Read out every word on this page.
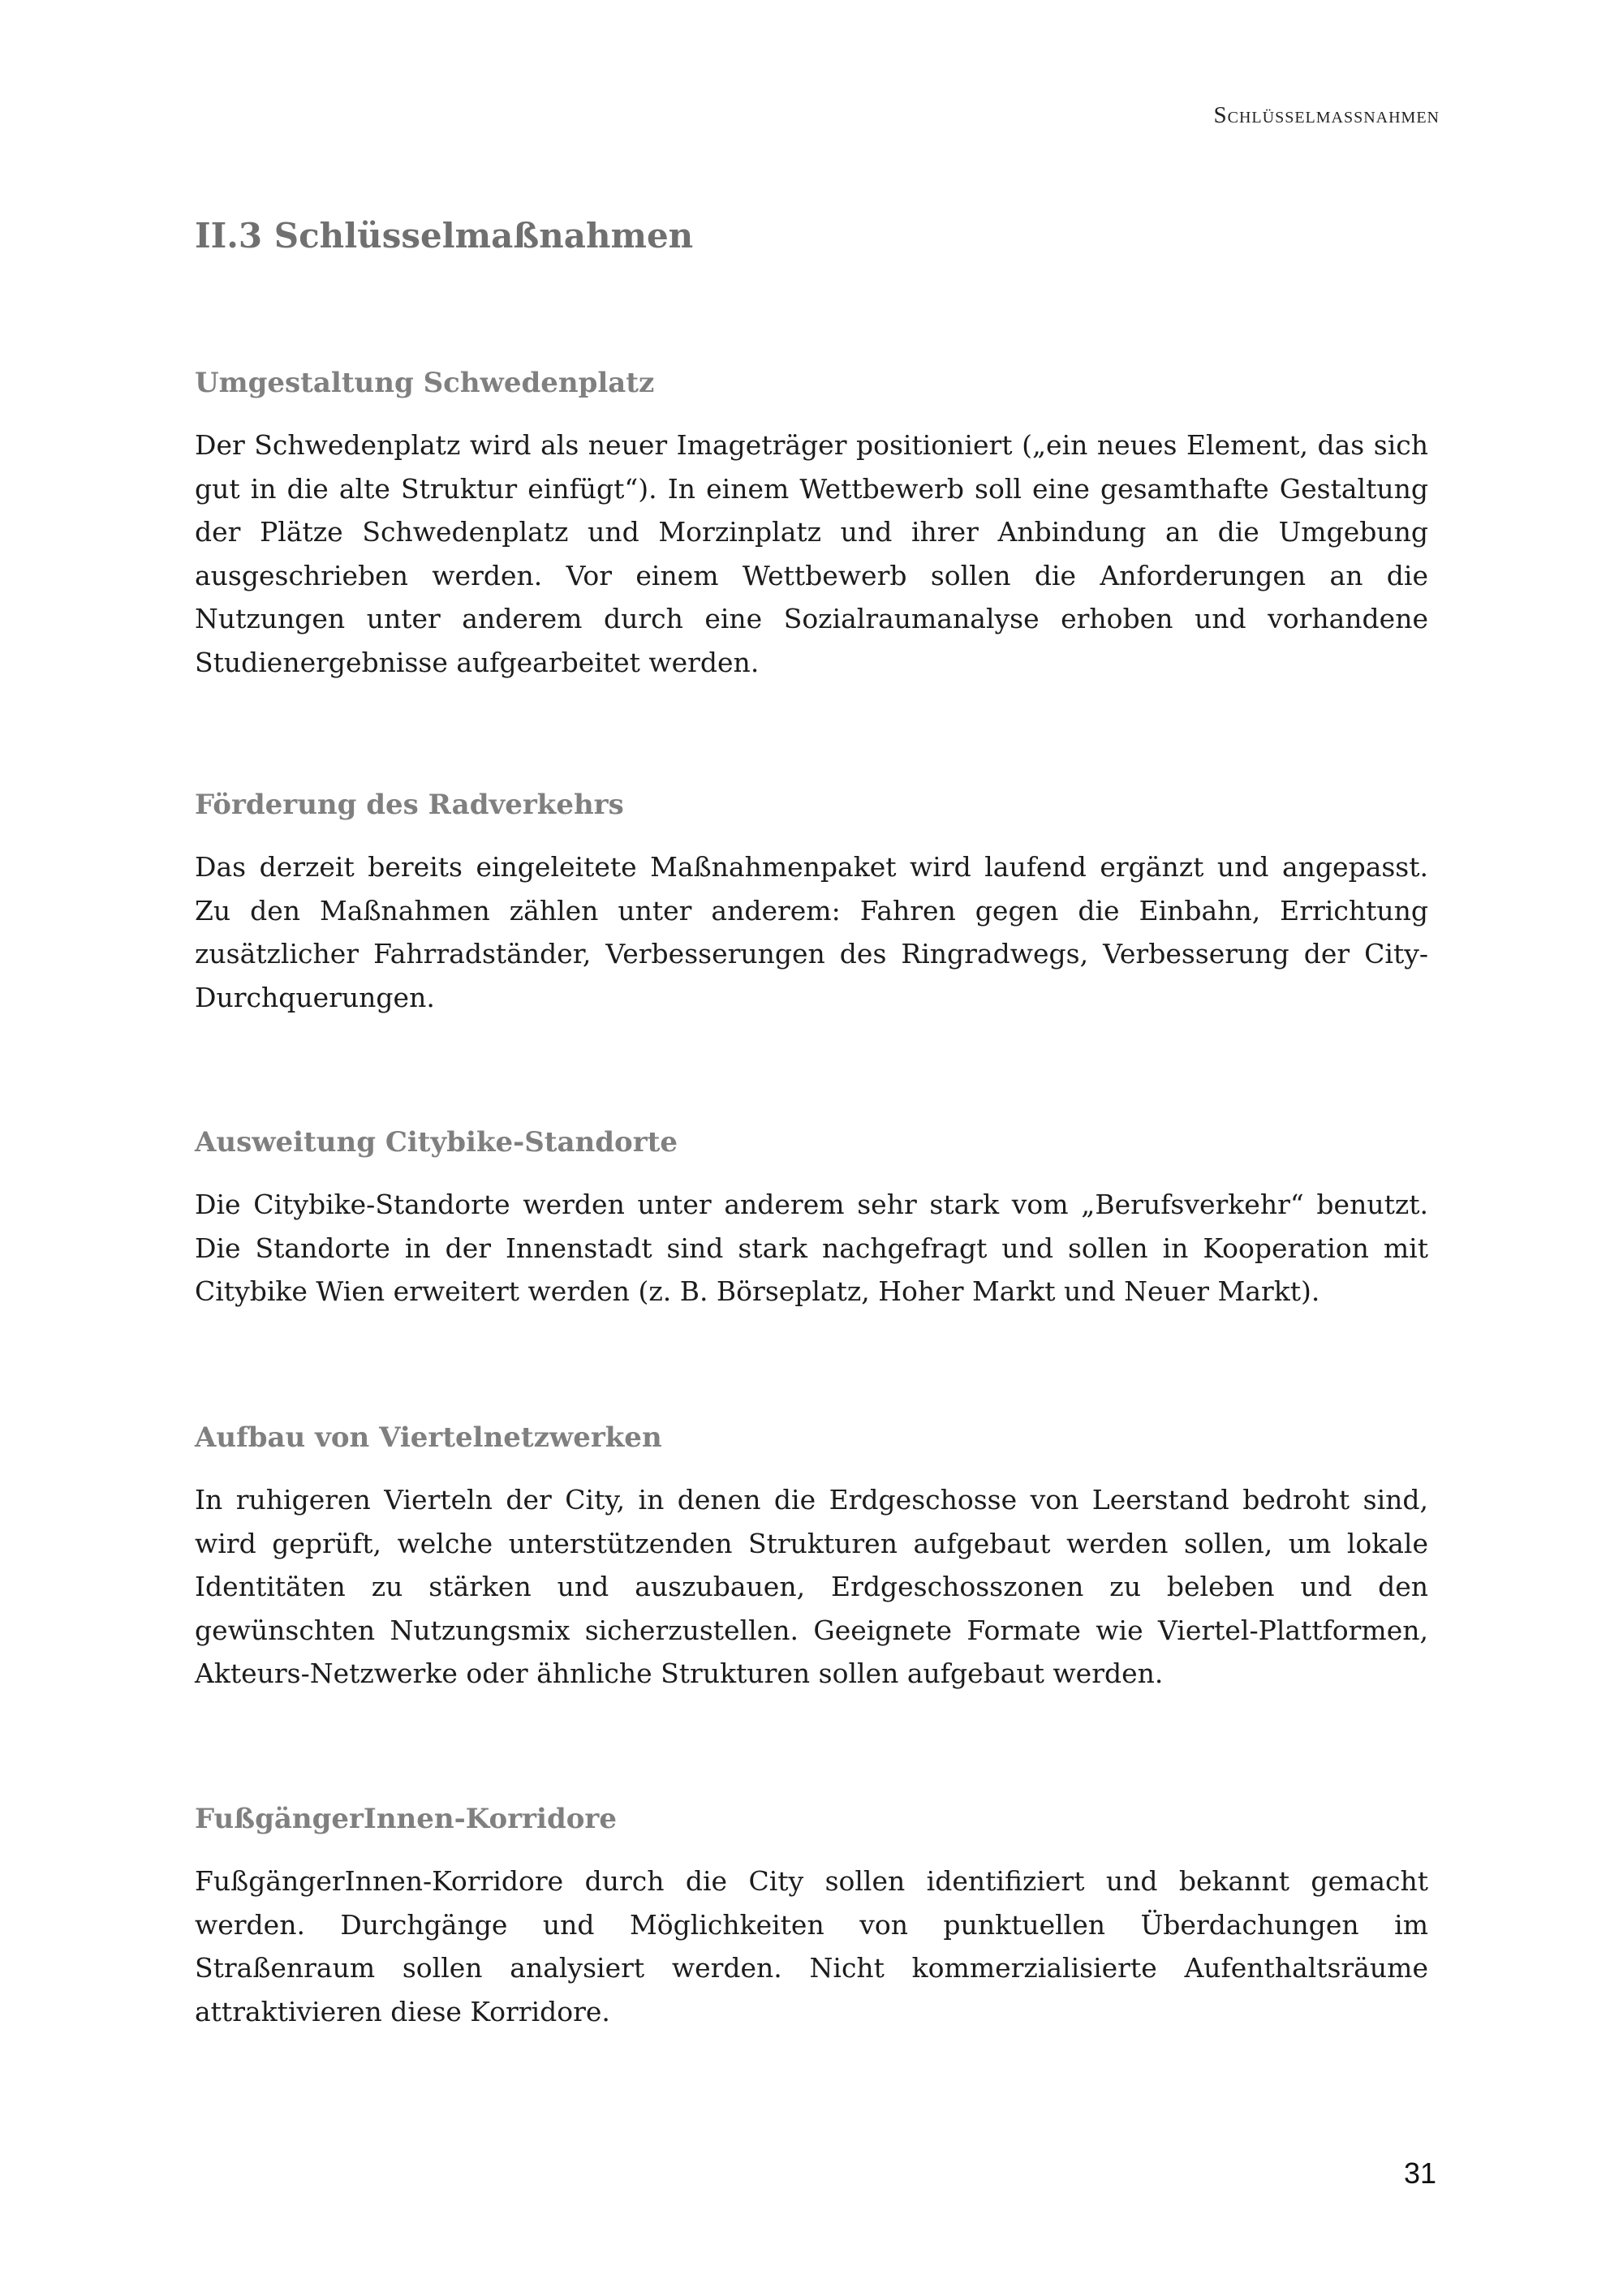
Schlüsselmassnahmen
II.3 Schlüsselmaßnahmen
Umgestaltung Schwedenplatz

Der Schwedenplatz wird als neuer Imageträger positioniert („ein neues Element, das sich gut in die alte Struktur einfügt“). In einem Wettbewerb soll eine gesamthafte Gestaltung der Plätze Schwedenplatz und Morzinplatz und ihrer Anbindung an die Umgebung ausgeschrieben werden. Vor einem Wettbewerb sollen die Anforderungen an die Nutzungen unter anderem durch eine Sozialraumanalyse erhoben und vorhandene Studienergebnisse aufgearbeitet werden.

Förderung des Radverkehrs

Das derzeit bereits eingeleitete Maßnahmenpaket wird laufend ergänzt und angepasst. Zu den Maßnahmen zählen unter anderem: Fahren gegen die Einbahn, Errichtung zusätzlicher Fahrradständer, Verbesserungen des Ringradwegs, Verbesserung der City-Durchquerungen.

Ausweitung Citybike-Standorte

Die Citybike-Standorte werden unter anderem sehr stark vom „Berufsverkehr“ benutzt. Die Standorte in der Innenstadt sind stark nachgefragt und sollen in Kooperation mit Citybike Wien erweitert werden (z. B. Börseplatz, Hoher Markt und Neuer Markt).

Aufbau von Viertelnetzwerken

In ruhigeren Vierteln der City, in denen die Erdgeschosse von Leerstand bedroht sind, wird geprüft, welche unterstützenden Strukturen aufgebaut werden sollen, um lokale Identitäten zu stärken und auszubauen, Erdgeschosszonen zu beleben und den gewünschten Nutzungsmix sicherzustellen. Geeignete Formate wie Viertel-Plattformen, Akteurs-Netzwerke oder ähnliche Strukturen sollen aufgebaut werden.

FußgängerInnen-Korridore

FußgängerInnen-Korridore durch die City sollen identifiziert und bekannt gemacht werden. Durchgänge und Möglichkeiten von punktuellen Überdachungen im Straßenraum sollen analysiert werden. Nicht kommerzialisierte Aufenthaltsräume attraktivieren diese Korridore.

31
